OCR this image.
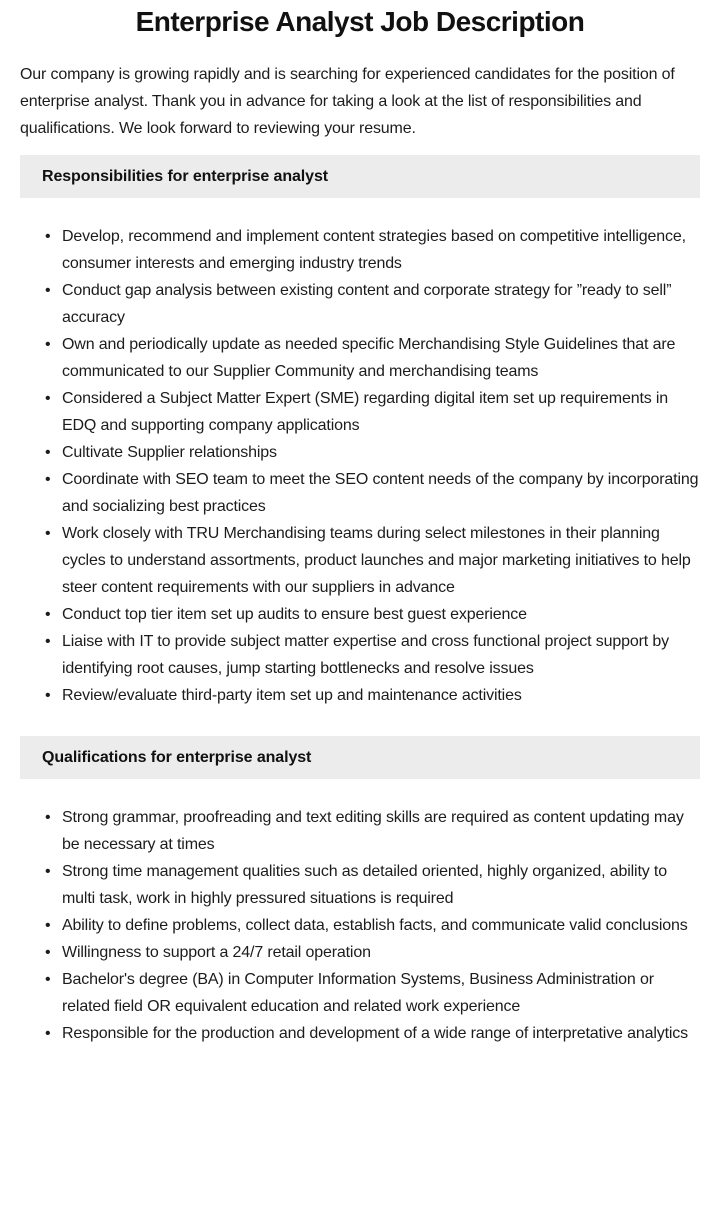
Enterprise Analyst Job Description

Our company is growing rapidly and is searching for experienced candidates for the position of enterprise analyst. Thank you in advance for taking a look at the list of responsibilities and qualifications. We look forward to reviewing your resume.

Responsibilities for enterprise analyst
• Develop, recommend and implement content strategies based on competitive intelligence, consumer interests and emerging industry trends
• Conduct gap analysis between existing content and corporate strategy for ”ready to sell” accuracy
• Own and periodically update as needed specific Merchandising Style Guidelines that are communicated to our Supplier Community and merchandising teams
• Considered a Subject Matter Expert (SME) regarding digital item set up requirements in EDQ and supporting company applications
• Cultivate Supplier relationships
• Coordinate with SEO team to meet the SEO content needs of the company by incorporating and socializing best practices
• Work closely with TRU Merchandising teams during select milestones in their planning cycles to understand assortments, product launches and major marketing initiatives to help steer content requirements with our suppliers in advance
• Conduct top tier item set up audits to ensure best guest experience
• Liaise with IT to provide subject matter expertise and cross functional project support by identifying root causes, jump starting bottlenecks and resolve issues
• Review/evaluate third-party item set up and maintenance activities
Qualifications for enterprise analyst
• Strong grammar, proofreading and text editing skills are required as content updating may be necessary at times
• Strong time management qualities such as detailed oriented, highly organized, ability to multi task, work in highly pressured situations is required
• Ability to define problems, collect data, establish facts, and communicate valid conclusions
• Willingness to support a 24/7 retail operation
• Bachelor's degree (BA) in Computer Information Systems, Business Administration or related field OR equivalent education and related work experience
• Responsible for the production and development of a wide range of interpretative analytics
